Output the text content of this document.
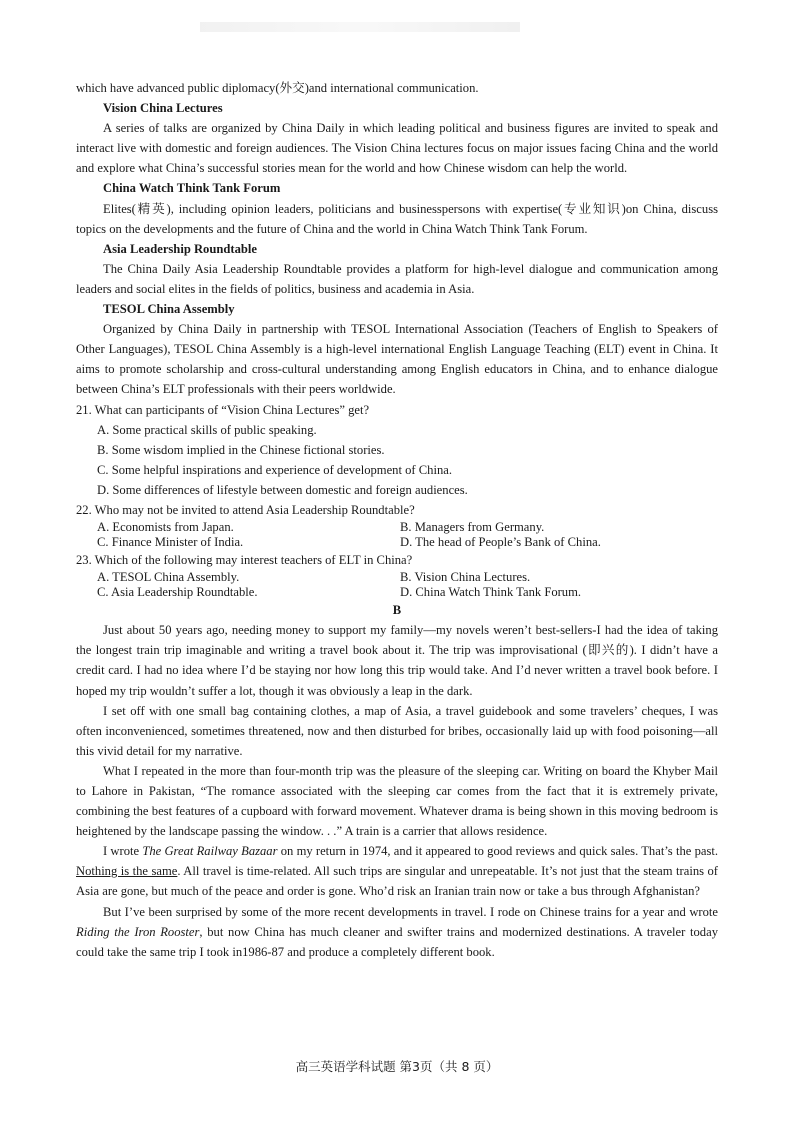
which have advanced public diplomacy(外交)and international communication.

Vision China Lectures

A series of talks are organized by China Daily in which leading political and business figures are invited to speak and interact live with domestic and foreign audiences. The Vision China lectures focus on major issues facing China and the world and explore what China’s successful stories mean for the world and how Chinese wisdom can help the world.

China Watch Think Tank Forum

Elites(精英), including opinion leaders, politicians and businesspersons with expertise(专业知识)on China, discuss topics on the developments and the future of China and the world in China Watch Think Tank Forum.

Asia Leadership Roundtable

The China Daily Asia Leadership Roundtable provides a platform for high-level dialogue and communication among leaders and social elites in the fields of politics, business and academia in Asia.

TESOL China Assembly

Organized by China Daily in partnership with TESOL International Association (Teachers of English to Speakers of Other Languages), TESOL China Assembly is a high-level international English Language Teaching (ELT) event in China. It aims to promote scholarship and cross-cultural understanding among English educators in China, and to enhance dialogue between China’s ELT professionals with their peers worldwide.

21. What can participants of “Vision China Lectures” get?

A. Some practical skills of public speaking.

B. Some wisdom implied in the Chinese fictional stories.

C. Some helpful inspirations and experience of development of China.

D. Some differences of lifestyle between domestic and foreign audiences.

22. Who may not be invited to attend Asia Leadership Roundtable?

A. Economists from Japan.	B. Managers from Germany.
C. Finance Minister of India.	D. The head of People’s Bank of China.

23. Which of the following may interest teachers of ELT in China?

A. TESOL China Assembly.	B. Vision China Lectures.
C. Asia Leadership Roundtable.	D. China Watch Think Tank Forum.

B

Just about 50 years ago, needing money to support my family—my novels weren’t best-sellers-I had the idea of taking the longest train trip imaginable and writing a travel book about it. The trip was improvisational (即兴的). I didn’t have a credit card. I had no idea where I’d be staying nor how long this trip would take. And I’d never written a travel book before. I hoped my trip wouldn’t suffer a lot, though it was obviously a leap in the dark.

I set off with one small bag containing clothes, a map of Asia, a travel guidebook and some travelers’ cheques, I was often inconvenienced, sometimes threatened, now and then disturbed for bribes, occasionally laid up with food poisoning—all this vivid detail for my narrative.

What I repeated in the more than four-month trip was the pleasure of the sleeping car. Writing on board the Khyber Mail to Lahore in Pakistan, “The romance associated with the sleeping car comes from the fact that it is extremely private, combining the best features of a cupboard with forward movement. Whatever drama is being shown in this moving bedroom is heightened by the landscape passing the window. . .” A train is a carrier that allows residence.

I wrote The Great Railway Bazaar on my return in 1974, and it appeared to good reviews and quick sales. That’s the past. Nothing is the same. All travel is time-related. All such trips are singular and unrepeatable. It’s not just that the steam trains of Asia are gone, but much of the peace and order is gone. Who’d risk an Iranian train now or take a bus through Afghanistan?

But I’ve been surprised by some of the more recent developments in travel. I rode on Chinese trains for a year and wrote Riding the Iron Rooster, but now China has much cleaner and swifter trains and modernized destinations. A traveler today could take the same trip I took in1986-87 and produce a completely different book.

高三英语学科试题 第3页（共 8 页）
